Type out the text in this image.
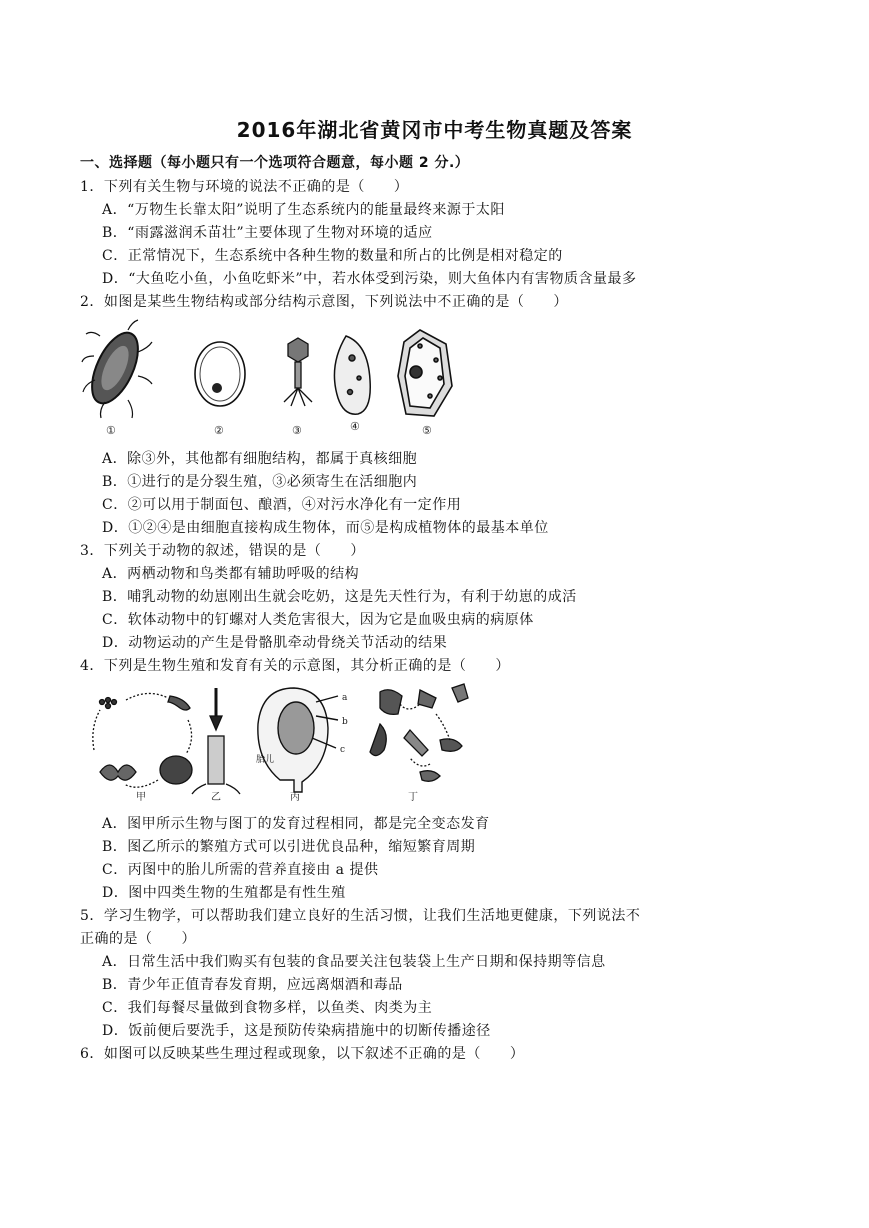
2016年湖北省黄冈市中考生物真题及答案
一、选择题（每小题只有一个选项符合题意，每小题 2 分.）
1．下列有关生物与环境的说法不正确的是（　　）
A．“万物生长靠太阳”说明了生态系统内的能量最终来源于太阳
B．“雨露滋润禾苗壮”主要体现了生物对环境的适应
C．正常情况下，生态系统中各种生物的数量和所占的比例是相对稳定的
D．“大鱼吃小鱼，小鱼吃虾米”中，若水体受到污染，则大鱼体内有害物质含量最多
2．如图是某些生物结构或部分结构示意图，下列说法中不正确的是（　　）
①	②	③	④	⑤
A．除③外，其他都有细胞结构，都属于真核细胞
B．①进行的是分裂生殖，③必须寄生在活细胞内
C．②可以用于制面包、酿酒，④对污水净化有一定作用
D．①②④是由细胞直接构成生物体，而⑤是构成植物体的最基本单位
3．下列关于动物的叙述，错误的是（　　）
A．两栖动物和鸟类都有辅助呼吸的结构
B．哺乳动物的幼崽刚出生就会吃奶，这是先天性行为，有利于幼崽的成活
C．软体动物中的钉螺对人类危害很大，因为它是血吸虫病的病原体
D．动物运动的产生是骨骼肌牵动骨绕关节活动的结果
4．下列是生物生殖和发育有关的示意图，其分析正确的是（　　）
甲	乙
a
b
c
胎儿
丙	丁
A．图甲所示生物与图丁的发育过程相同，都是完全变态发育
B．图乙所示的繁殖方式可以引进优良品种，缩短繁育周期
C．丙图中的胎儿所需的营养直接由 a 提供
D．图中四类生物的生殖都是有性生殖
5．学习生物学，可以帮助我们建立良好的生活习惯，让我们生活地更健康，下列说法不
正确的是（　　）
A．日常生活中我们购买有包装的食品要关注包装袋上生产日期和保持期等信息
B．青少年正值青春发育期，应远离烟酒和毒品
C．我们每餐尽量做到食物多样，以鱼类、肉类为主
D．饭前便后要洗手，这是预防传染病措施中的切断传播途径
6．如图可以反映某些生理过程或现象，以下叙述不正确的是（　　）
